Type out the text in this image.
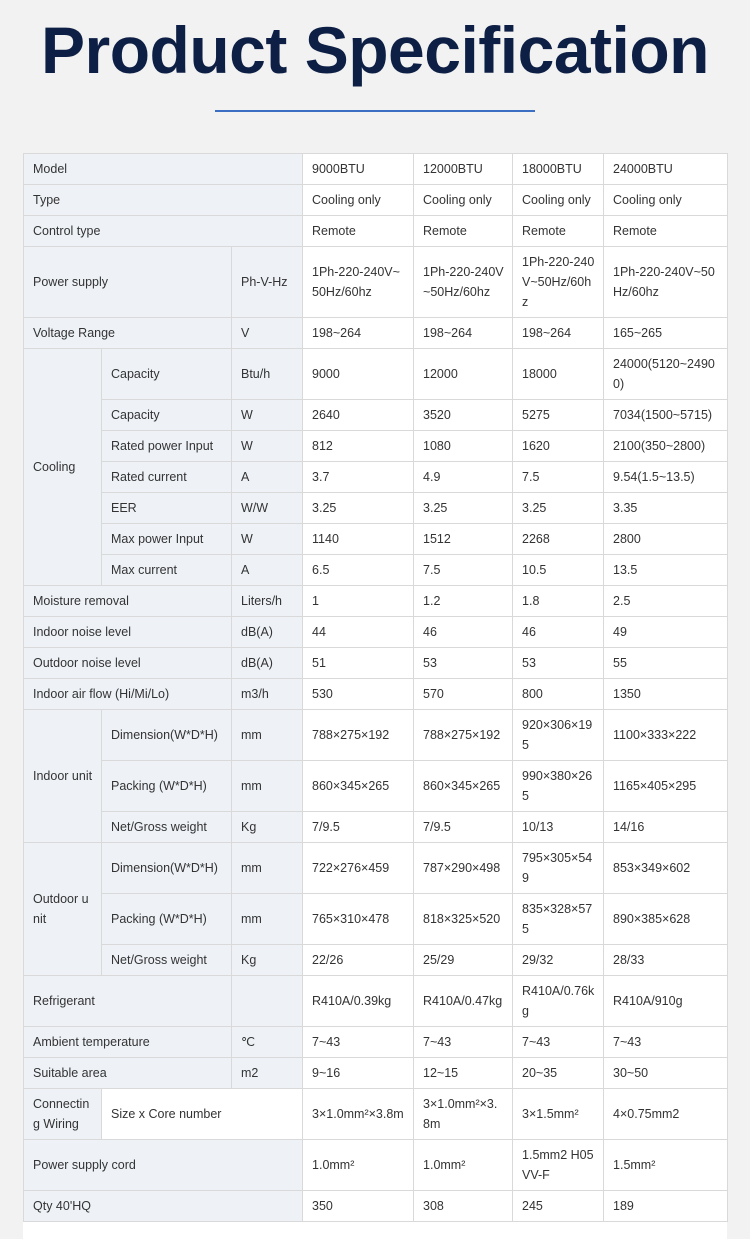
Product Specification
Model			9000BTU	12000BTU	18000BTU	24000BTU
Type			Cooling only	Cooling only	Cooling only	Cooling only
Control type			Remote	Remote	Remote	Remote
Power supply		Ph-V-Hz	1Ph-220-240V~50Hz/60hz	1Ph-220-240V~50Hz/60hz	1Ph-220-240V~50Hz/60hz	1Ph-220-240V~50Hz/60hz
Voltage Range		V	198~264	198~264	198~264	165~265
Cooling	Capacity	Btu/h	9000	12000	18000	24000(5120~24900)
	Capacity	W	2640	3520	5275	7034(1500~5715)
	Rated power Input	W	812	1080	1620	2100(350~2800)
	Rated current	A	3.7	4.9	7.5	9.54(1.5~13.5)
	EER	W/W	3.25	3.25	3.25	3.35
	Max power Input	W	1140	1512	2268	2800
	Max current	A	6.5	7.5	10.5	13.5
Moisture removal		Liters/h	1	1.2	1.8	2.5
Indoor noise level		dB(A)	44	46	46	49
Outdoor noise level		dB(A)	51	53	53	55
Indoor air flow (Hi/Mi/Lo)		m3/h	530	570	800	1350
Indoor unit	Dimension(W*D*H)	mm	788×275×192	788×275×192	920×306×195	1100×333×222
	Packing (W*D*H)	mm	860×345×265	860×345×265	990×380×265	1165×405×295
	Net/Gross weight	Kg	7/9.5	7/9.5	10/13	14/16
Outdoor unit	Dimension(W*D*H)	mm	722×276×459	787×290×498	795×305×549	853×349×602
	Packing (W*D*H)	mm	765×310×478	818×325×520	835×328×575	890×385×628
	Net/Gross weight	Kg	22/26	25/29	29/32	28/33
Refrigerant			R410A/0.39kg	R410A/0.47kg	R410A/0.76kg	R410A/910g
Ambient temperature		℃	7~43	7~43	7~43	7~43
Suitable area		m2	9~16	12~15	20~35	30~50
Connecting Wiring	Size x Core number		3×1.0mm²×3.8m	3×1.0mm²×3.8m	3×1.5mm²	4×0.75mm2
Power supply cord			1.0mm²	1.0mm²	1.5mm2 H05VV-F	1.5mm²
Qty 40'HQ			350	308	245	189
